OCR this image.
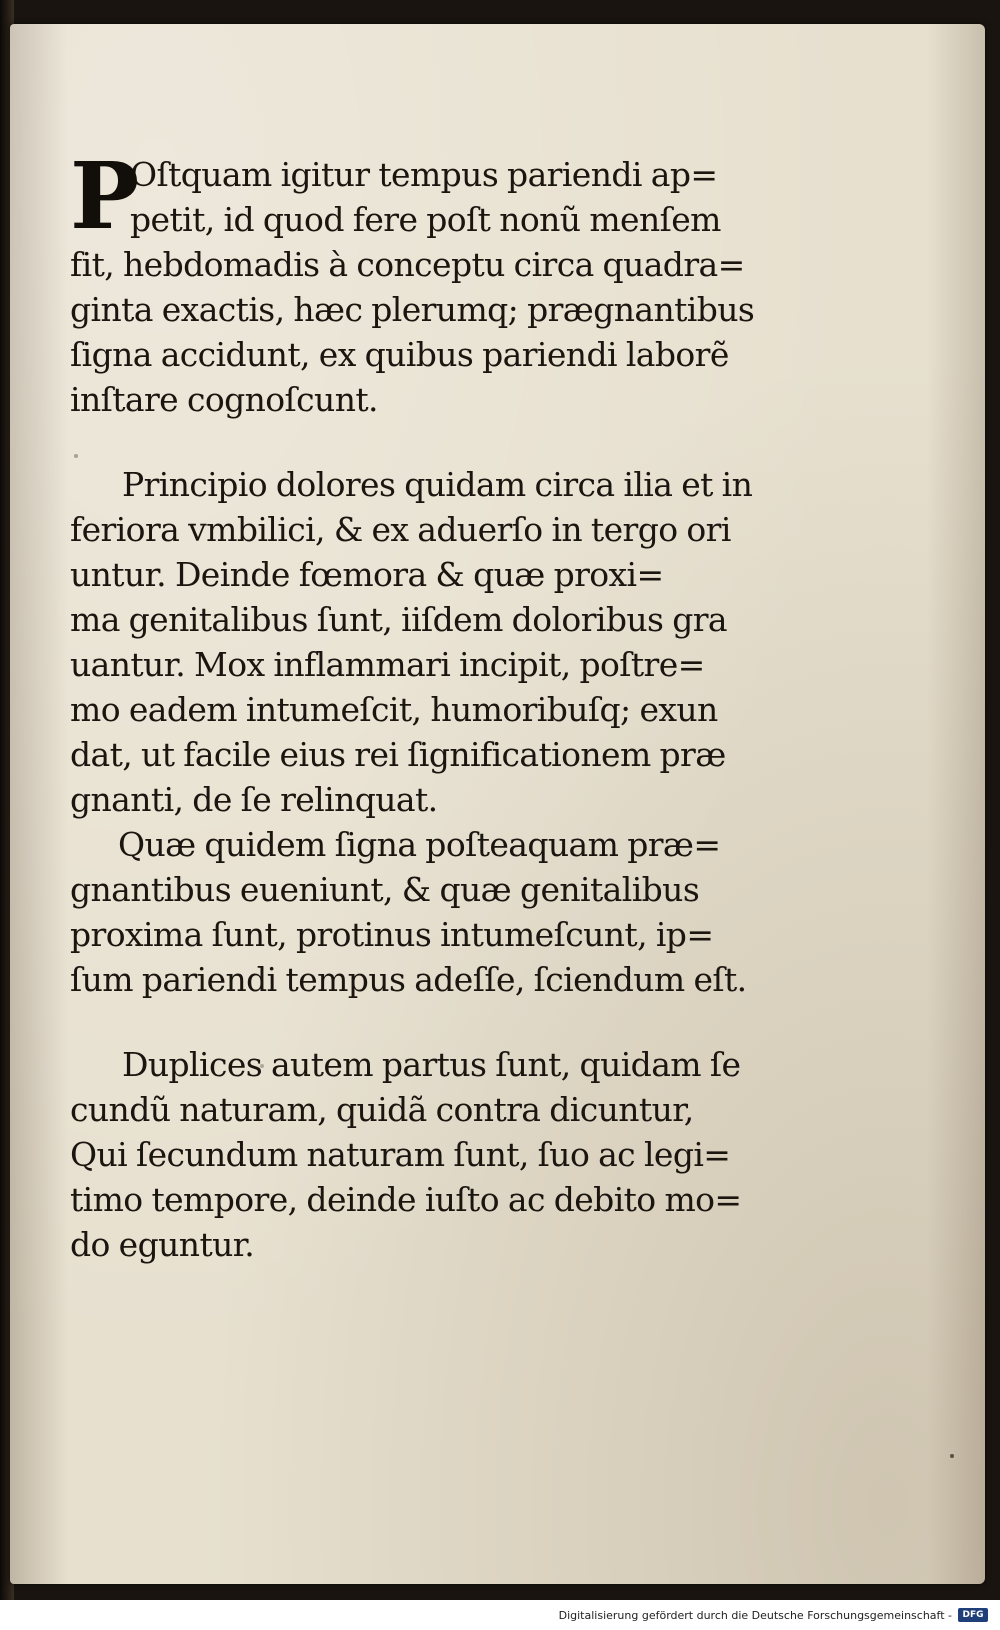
P
Oſtquam igitur tempus pariendi ap=
petit, id quod fere poſt nonũ menſem
fit, hebdomadis à conceptu circa quadra=
ginta exactis, hæc plerumq; prægnantibus
ſigna accidunt, ex quibus pariendi laborẽ
inſtare cognoſcunt.
Principio dolores quidam circa ilia et in
feriora vmbilici, & ex aduerſo in tergo ori
untur. Deinde fœmora & quæ proxi=
ma genitalibus ſunt, iiſdem doloribus gra
uantur. Mox inflammari incipit, poſtre=
mo eadem intumeſcit, humoribuſq; exun
dat, ut facile eius rei ſignificationem præ
gnanti, de ſe relinquat.
Quæ quidem ſigna poſteaquam præ=
gnantibus eueniunt, & quæ genitalibus
proxima ſunt, protinus intumeſcunt, ip=
ſum pariendi tempus adeſſe, ſciendum eſt.
Duplices autem partus ſunt, quidam ſe
cundũ naturam, quidã contra dicuntur,
Qui ſecundum naturam ſunt, ſuo ac legi=
timo tempore, deinde iuſto ac debito mo=
do eguntur.
Digitalisierung gefördert durch die Deutsche Forschungsgemeinschaft -	DFG
